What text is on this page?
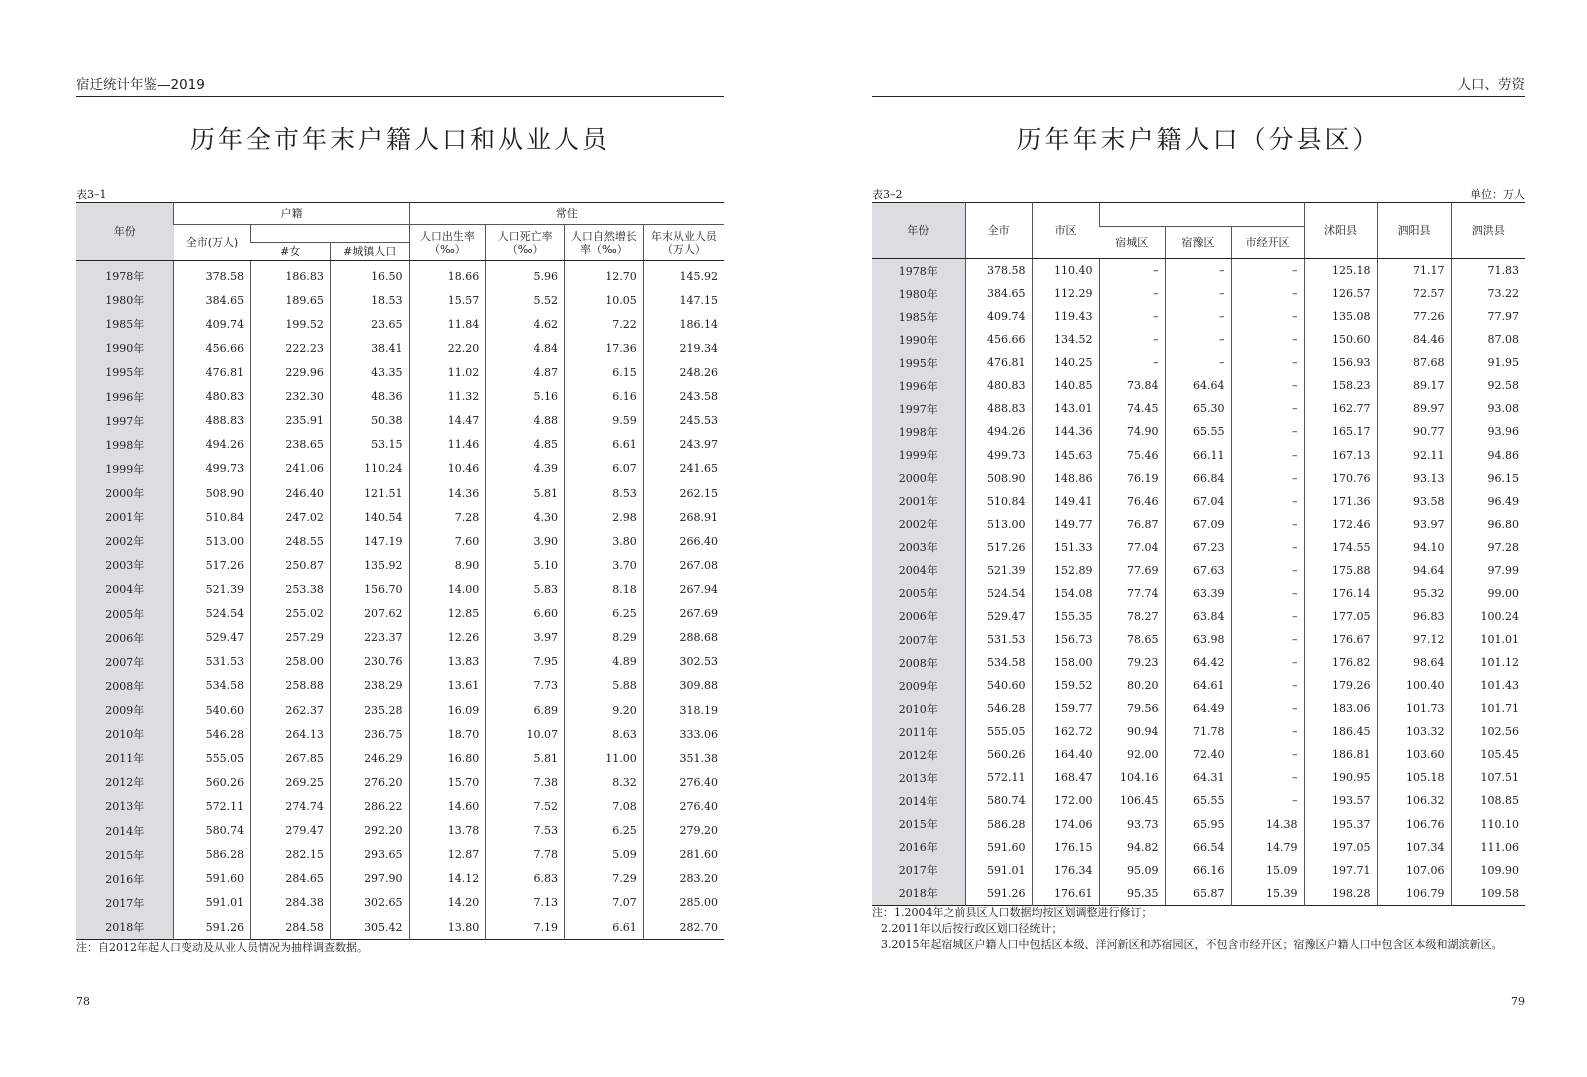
宿迁统计年鉴—2019
历年全市年末户籍人口和从业人员
表3–1
年份	户籍			常住			
	全市(万人)			人口出生率（‰）	人口死亡率（‰）	人口自然增长率（‰）	年末从业人员（万人）
		#女	#城镇人口				
1978年	378.58	186.83	16.50	18.66	5.96	12.70	145.92
1980年	384.65	189.65	18.53	15.57	5.52	10.05	147.15
1985年	409.74	199.52	23.65	11.84	4.62	7.22	186.14
1990年	456.66	222.23	38.41	22.20	4.84	17.36	219.34
1995年	476.81	229.96	43.35	11.02	4.87	6.15	248.26
1996年	480.83	232.30	48.36	11.32	5.16	6.16	243.58
1997年	488.83	235.91	50.38	14.47	4.88	9.59	245.53
1998年	494.26	238.65	53.15	11.46	4.85	6.61	243.97
1999年	499.73	241.06	110.24	10.46	4.39	6.07	241.65
2000年	508.90	246.40	121.51	14.36	5.81	8.53	262.15
2001年	510.84	247.02	140.54	7.28	4.30	2.98	268.91
2002年	513.00	248.55	147.19	7.60	3.90	3.80	266.40
2003年	517.26	250.87	135.92	8.90	5.10	3.70	267.08
2004年	521.39	253.38	156.70	14.00	5.83	8.18	267.94
2005年	524.54	255.02	207.62	12.85	6.60	6.25	267.69
2006年	529.47	257.29	223.37	12.26	3.97	8.29	288.68
2007年	531.53	258.00	230.76	13.83	7.95	4.89	302.53
2008年	534.58	258.88	238.29	13.61	7.73	5.88	309.88
2009年	540.60	262.37	235.28	16.09	6.89	9.20	318.19
2010年	546.28	264.13	236.75	18.70	10.07	8.63	333.06
2011年	555.05	267.85	246.29	16.80	5.81	11.00	351.38
2012年	560.26	269.25	276.20	15.70	7.38	8.32	276.40
2013年	572.11	274.74	286.22	14.60	7.52	7.08	276.40
2014年	580.74	279.47	292.20	13.78	7.53	6.25	279.20
2015年	586.28	282.15	293.65	12.87	7.78	5.09	281.60
2016年	591.60	284.65	297.90	14.12	6.83	7.29	283.20
2017年	591.01	284.38	302.65	14.20	7.13	7.07	285.00
2018年	591.26	284.58	305.42	13.80	7.19	6.61	282.70
注：自2012年起人口变动及从业人员情况为抽样调查数据。
78
人口、劳资
历年年末户籍人口（分县区）
表3–2	单位：万人
年份	全市	市区				沭阳县	泗阳县	泗洪县
			宿城区	宿豫区	市经开区			
1978年	378.58	110.40	–	–	–	125.18	71.17	71.83
1980年	384.65	112.29	–	–	–	126.57	72.57	73.22
1985年	409.74	119.43	–	–	–	135.08	77.26	77.97
1990年	456.66	134.52	–	–	–	150.60	84.46	87.08
1995年	476.81	140.25	–	–	–	156.93	87.68	91.95
1996年	480.83	140.85	73.84	64.64	–	158.23	89.17	92.58
1997年	488.83	143.01	74.45	65.30	–	162.77	89.97	93.08
1998年	494.26	144.36	74.90	65.55	–	165.17	90.77	93.96
1999年	499.73	145.63	75.46	66.11	–	167.13	92.11	94.86
2000年	508.90	148.86	76.19	66.84	–	170.76	93.13	96.15
2001年	510.84	149.41	76.46	67.04	–	171.36	93.58	96.49
2002年	513.00	149.77	76.87	67.09	–	172.46	93.97	96.80
2003年	517.26	151.33	77.04	67.23	–	174.55	94.10	97.28
2004年	521.39	152.89	77.69	67.63	–	175.88	94.64	97.99
2005年	524.54	154.08	77.74	63.39	–	176.14	95.32	99.00
2006年	529.47	155.35	78.27	63.84	–	177.05	96.83	100.24
2007年	531.53	156.73	78.65	63.98	–	176.67	97.12	101.01
2008年	534.58	158.00	79.23	64.42	–	176.82	98.64	101.12
2009年	540.60	159.52	80.20	64.61	–	179.26	100.40	101.43
2010年	546.28	159.77	79.56	64.49	–	183.06	101.73	101.71
2011年	555.05	162.72	90.94	71.78	–	186.45	103.32	102.56
2012年	560.26	164.40	92.00	72.40	–	186.81	103.60	105.45
2013年	572.11	168.47	104.16	64.31	–	190.95	105.18	107.51
2014年	580.74	172.00	106.45	65.55	–	193.57	106.32	108.85
2015年	586.28	174.06	93.73	65.95	14.38	195.37	106.76	110.10
2016年	591.60	176.15	94.82	66.54	14.79	197.05	107.34	111.06
2017年	591.01	176.34	95.09	66.16	15.09	197.71	107.06	109.90
2018年	591.26	176.61	95.35	65.87	15.39	198.28	106.79	109.58
注：1.2004年之前县区人口数据均按区划调整进行修订；
2.2011年以后按行政区划口径统计；
3.2015年起宿城区户籍人口中包括区本级、洋河新区和苏宿园区，不包含市经开区；宿豫区户籍人口中包含区本级和湖滨新区。
79
